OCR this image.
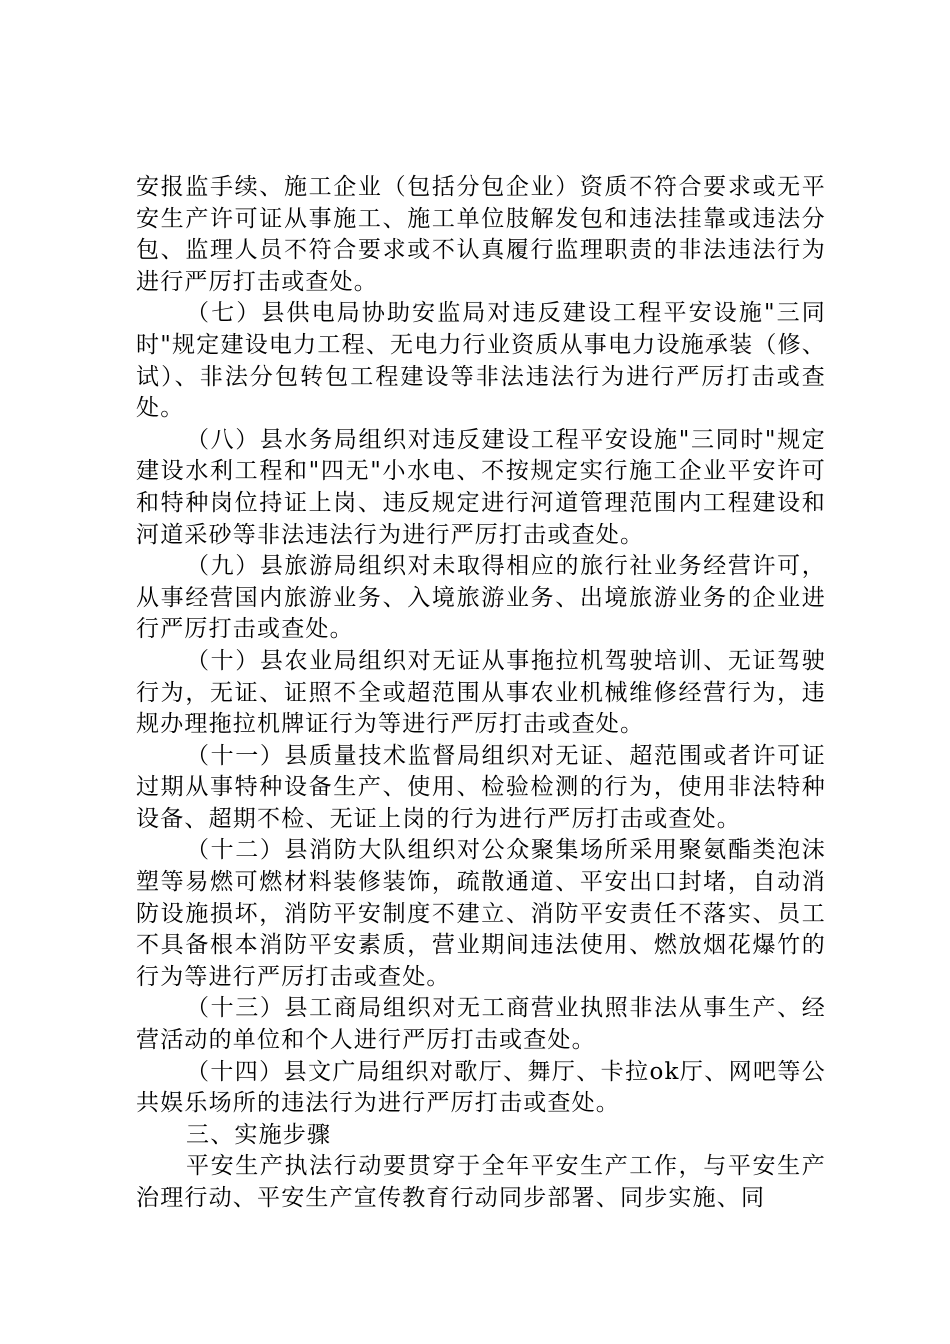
安报监手续、施工企业（包括分包企业）资质不符合要求或无平安生产许可证从事施工、施工单位肢解发包和违法挂靠或违法分包、监理人员不符合要求或不认真履行监理职责的非法违法行为进行严厉打击或查处。

（七）县供电局协助安监局对违反建设工程平安设施"三同时"规定建设电力工程、无电力行业资质从事电力设施承装（修、试）、非法分包转包工程建设等非法违法行为进行严厉打击或查处。

（八）县水务局组织对违反建设工程平安设施"三同时"规定建设水利工程和"四无"小水电、不按规定实行施工企业平安许可和特种岗位持证上岗、违反规定进行河道管理范围内工程建设和河道采砂等非法违法行为进行严厉打击或查处。

（九）县旅游局组织对未取得相应的旅行社业务经营许可，从事经营国内旅游业务、入境旅游业务、出境旅游业务的企业进行严厉打击或查处。

（十）县农业局组织对无证从事拖拉机驾驶培训、无证驾驶行为，无证、证照不全或超范围从事农业机械维修经营行为，违规办理拖拉机牌证行为等进行严厉打击或查处。

（十一）县质量技术监督局组织对无证、超范围或者许可证过期从事特种设备生产、使用、检验检测的行为，使用非法特种设备、超期不检、无证上岗的行为进行严厉打击或查处。

（十二）县消防大队组织对公众聚集场所采用聚氨酯类泡沫塑等易燃可燃材料装修装饰，疏散通道、平安出口封堵，自动消防设施损坏，消防平安制度不建立、消防平安责任不落实、员工不具备根本消防平安素质，营业期间违法使用、燃放烟花爆竹的行为等进行严厉打击或查处。

（十三）县工商局组织对无工商营业执照非法从事生产、经营活动的单位和个人进行严厉打击或查处。

（十四）县文广局组织对歌厅、舞厅、卡拉ok厅、网吧等公共娱乐场所的违法行为进行严厉打击或查处。

三、实施步骤

平安生产执法行动要贯穿于全年平安生产工作，与平安生产治理行动、平安生产宣传教育行动同步部署、同步实施、同
